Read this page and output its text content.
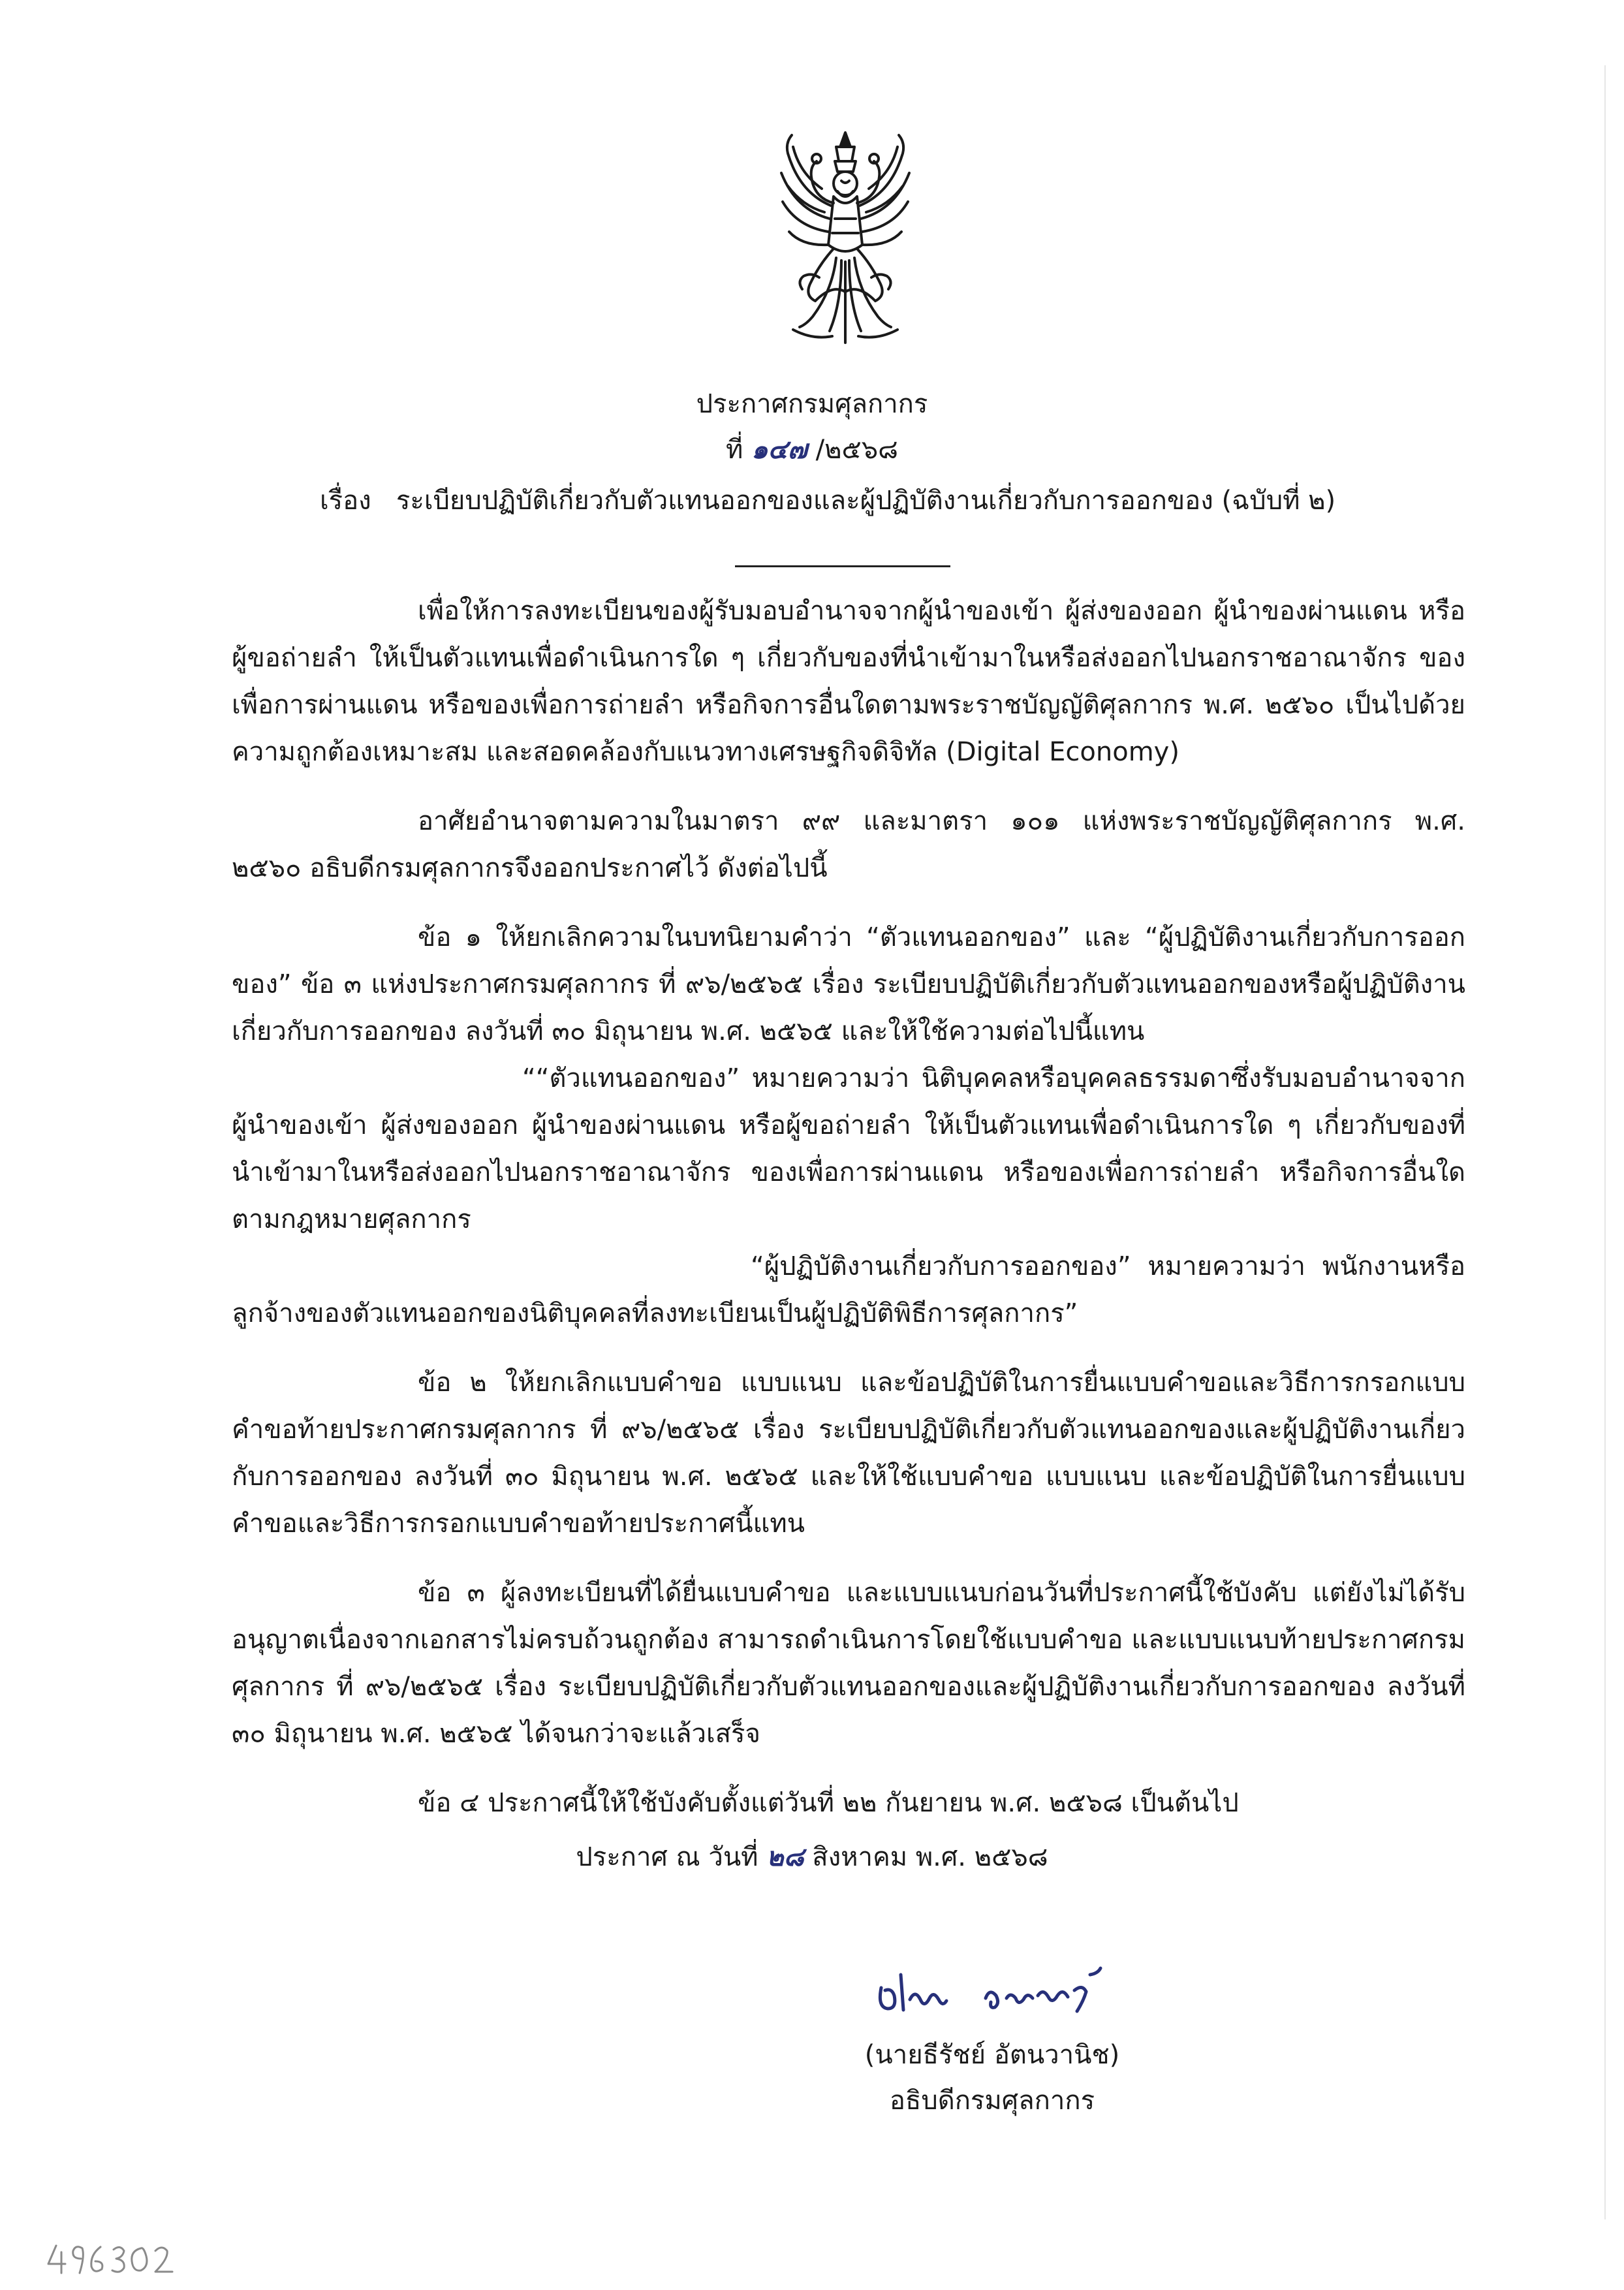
ประกาศกรมศุลกากร
ที่ ๑๔๗ /๒๕๖๘
เรื่อง ระเบียบปฏิบัติเกี่ยวกับตัวแทนออกของและผู้ปฏิบัติงานเกี่ยวกับการออกของ (ฉบับที่ ๒)

เพื่อให้การลงทะเบียนของผู้รับมอบอำนาจจากผู้นำของเข้า ผู้ส่งของออก ผู้นำของผ่านแดน หรือผู้ขอถ่ายลำ ให้เป็นตัวแทนเพื่อดำเนินการใด ๆ เกี่ยวกับของที่นำเข้ามาในหรือส่งออกไปนอกราชอาณาจักร ของเพื่อการผ่านแดน หรือของเพื่อการถ่ายลำ หรือกิจการอื่นใดตามพระราชบัญญัติศุลกากร พ.ศ. ๒๕๖๐ เป็นไปด้วยความถูกต้องเหมาะสม และสอดคล้องกับแนวทางเศรษฐกิจดิจิทัล (Digital Economy)

อาศัยอำนาจตามความในมาตรา ๙๙ และมาตรา ๑๐๑ แห่งพระราชบัญญัติศุลกากร พ.ศ. ๒๕๖๐ อธิบดีกรมศุลกากรจึงออกประกาศไว้ ดังต่อไปนี้

ข้อ ๑ ให้ยกเลิกความในบทนิยามคำว่า “ตัวแทนออกของ” และ “ผู้ปฏิบัติงานเกี่ยวกับการออกของ” ข้อ ๓ แห่งประกาศกรมศุลกากร ที่ ๙๖/๒๕๖๕ เรื่อง ระเบียบปฏิบัติเกี่ยวกับตัวแทนออกของหรือผู้ปฏิบัติงานเกี่ยวกับการออกของ ลงวันที่ ๓๐ มิถุนายน พ.ศ. ๒๕๖๕ และให้ใช้ความต่อไปนี้แทน

““ตัวแทนออกของ” หมายความว่า นิติบุคคลหรือบุคคลธรรมดาซึ่งรับมอบอำนาจจากผู้นำของเข้า ผู้ส่งของออก ผู้นำของผ่านแดน หรือผู้ขอถ่ายลำ ให้เป็นตัวแทนเพื่อดำเนินการใด ๆ เกี่ยวกับของที่นำเข้ามาในหรือส่งออกไปนอกราชอาณาจักร ของเพื่อการผ่านแดน หรือของเพื่อการถ่ายลำ หรือกิจการอื่นใดตามกฎหมายศุลกากร

“ผู้ปฏิบัติงานเกี่ยวกับการออกของ” หมายความว่า พนักงานหรือลูกจ้างของตัวแทนออกของนิติบุคคลที่ลงทะเบียนเป็นผู้ปฏิบัติพิธีการศุลกากร”

ข้อ ๒ ให้ยกเลิกแบบคำขอ แบบแนบ และข้อปฏิบัติในการยื่นแบบคำขอและวิธีการกรอกแบบคำขอท้ายประกาศกรมศุลกากร ที่ ๙๖/๒๕๖๕ เรื่อง ระเบียบปฏิบัติเกี่ยวกับตัวแทนออกของและผู้ปฏิบัติงานเกี่ยวกับการออกของ ลงวันที่ ๓๐ มิถุนายน พ.ศ. ๒๕๖๕ และให้ใช้แบบคำขอ แบบแนบ และข้อปฏิบัติในการยื่นแบบคำขอและวิธีการกรอกแบบคำขอท้ายประกาศนี้แทน

ข้อ ๓ ผู้ลงทะเบียนที่ได้ยื่นแบบคำขอ และแบบแนบก่อนวันที่ประกาศนี้ใช้บังคับ แต่ยังไม่ได้รับอนุญาตเนื่องจากเอกสารไม่ครบถ้วนถูกต้อง สามารถดำเนินการโดยใช้แบบคำขอ และแบบแนบท้ายประกาศกรมศุลกากร ที่ ๙๖/๒๕๖๕ เรื่อง ระเบียบปฏิบัติเกี่ยวกับตัวแทนออกของและผู้ปฏิบัติงานเกี่ยวกับการออกของ ลงวันที่ ๓๐ มิถุนายน พ.ศ. ๒๕๖๕ ได้จนกว่าจะแล้วเสร็จ

ข้อ ๔ ประกาศนี้ให้ใช้บังคับตั้งแต่วันที่ ๒๒ กันยายน พ.ศ. ๒๕๖๘ เป็นต้นไป

ประกาศ ณ วันที่ ๒๘ สิงหาคม พ.ศ. ๒๕๖๘
(นายธีรัชย์ อัตนวานิช)
อธิบดีกรมศุลกากร
